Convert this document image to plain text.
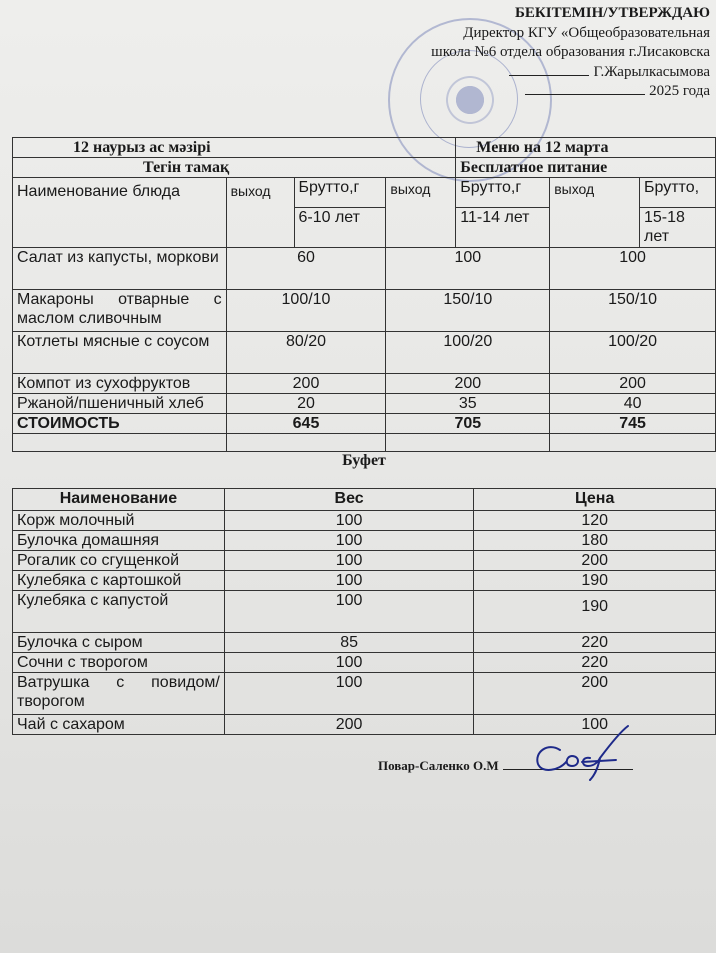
БЕКІТЕМІН/УТВЕРЖДАЮ
Директор КГУ «Общеобразовательная
школа №6 отдела образования г.Лисаковска
Г.Жарылкасымова
2025 года
12 наурыз ас мәзірі				Меню на 12 марта		
Тегін тамақ				Бесплатное питание		
Наименование блюда	выход	Брутто,г	выход	Брутто,г	выход	Брутто,
		6-10 лет		11-14 лет		15-18 лет
Салат из капусты, моркови	60		100		100	
Макароны отварные с маслом сливочным	100/10		150/10		150/10	
Котлеты мясные с соусом	80/20		100/20		100/20	
Компот из сухофруктов	200		200		200	
Ржаной/пшеничный хлеб	20		35		40	
СТОИМОСТЬ	645		705		745	

Буфет
Наименование	Вес	Цена
Корж молочный	100	120
Булочка домашняя	100	180
Рогалик со сгущенкой	100	200
Кулебяка с картошкой	100	190
Кулебяка с капустой	100	190
Булочка с сыром	85	220
Сочни с творогом	100	220
Ватрушка с повидом/творогом	100	200
Чай с сахаром	200	100
Повар-Саленко О.М
